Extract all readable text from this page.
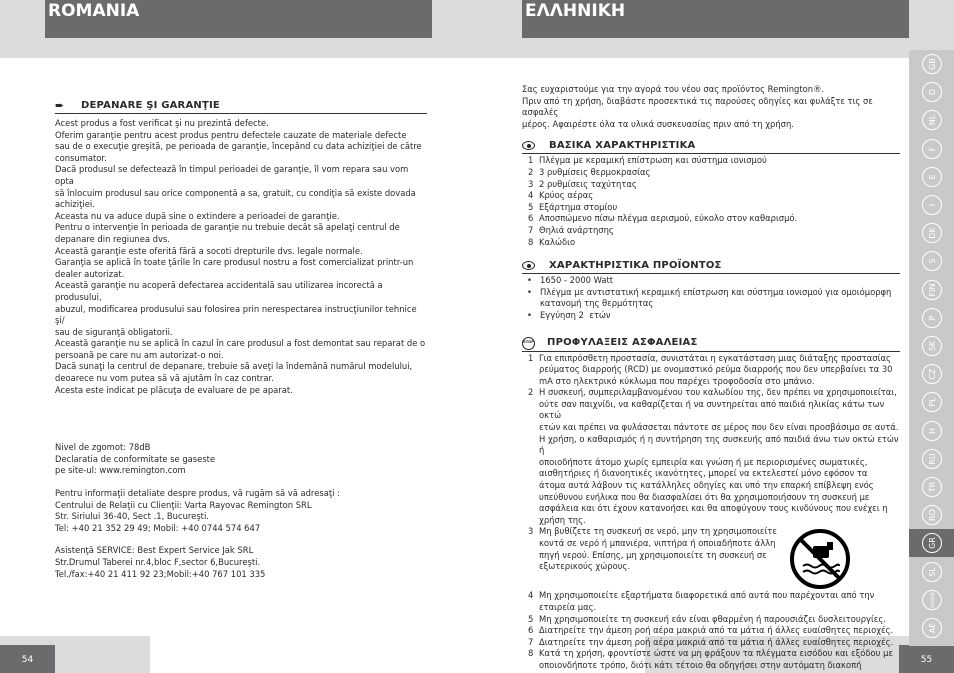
ROMANIA	ΕΛΛΗΝΙΚΗ
54	55
GB
D
NL
F
E
I
DK
S
FIN
P
SK
CZ
PL
H
RU
TR
RO
GR
SL
HR/SRB
AE
➨	DEPANARE ŞI GARANŢIE
Acest produs a fost verificat şi nu prezintă defecte.
Oferim garanţie pentru acest produs pentru defectele cauzate de materiale defecte
sau de o execuţie greşită, pe perioada de garanţie, începând cu data achiziţiei de către
consumator.
Dacă produsul se defectează în timpul perioadei de garanţie, îl vom repara sau vom opta
să înlocuim produsul sau orice componentă a sa, gratuit, cu condiţia să existe dovada
achiziţiei.
Aceasta nu va aduce după sine o extindere a perioadei de garanţie.
Pentru o intervenţie în perioada de garanţie nu trebuie decât să apelaţi centrul de
depanare din regiunea dvs.
Această garanţie este oferită fără a socoti drepturile dvs. legale normale.
Garanţia se aplică în toate ţările în care produsul nostru a fost comercializat printr-un
dealer autorizat.
Această garanţie nu acoperă defectarea accidentală sau utilizarea incorectă a produsului,
abuzul, modificarea produsului sau folosirea prin nerespectarea instrucţiunilor tehnice şi/
sau de siguranţă obligatorii.
Această garanţie nu se aplică în cazul în care produsul a fost demontat sau reparat de o
persoană pe care nu am autorizat-o noi.
Dacă sunaţi la centrul de depanare, trebuie să aveţi la îndemână numărul modelului,
deoarece nu vom putea să vă ajutăm în caz contrar.
Acesta este indicat pe plăcuţa de evaluare de pe aparat.
Nivel de zgomot: 78dB
Declaratia de conformitate se gaseste
pe site-ul: www.remington.com
Pentru informaţii detaliate despre produs, vă rugăm să vă adresaţi :
Centrului de Relaţii cu Clienţii: Varta Rayovac Remington SRL
Str. Siriului 36-40, Sect .1, Bucureşti.
Tel: +40 21 352 29 49; Mobil: +40 0744 574 647
Asistenţă SERVICE: Best Expert Service Jak SRL
Str.Drumul Taberei nr.4,bloc F,sector 6,Bucureşti.
Tel./fax:+40 21 411 92 23;Mobil:+40 767 101 335
Σας ευχαριστούμε για την αγορά του νέου σας προϊόντος Remington®.
Πριν από τη χρήση, διαβάστε προσεκτικά τις παρούσες οδηγίες και φυλάξτε τις σε ασφαλές
μέρος. Αφαιρέστε όλα τα υλικά συσκευασίας πριν από τη χρήση.
ΒΑΣΙΚΑ ΧΑΡΑΚΤΗΡΙΣΤΙΚΑ
1 Πλέγμα με κεραμική επίστρωση και σύστημα ιονισμού
2 3 ρυθμίσεις θερμοκρασίας
3 2 ρυθμίσεις ταχύτητας
4 Κρύος αέρας
5 Εξάρτημα στομίου
6 Αποσπώμενο πίσω πλέγμα αερισμού, εύκολο στον καθαρισμό.
7 Θηλιά ανάρτησης
8 Καλώδιο
ΧΑΡΑΚΤΗΡΙΣΤΙΚΑ ΠΡΟΪΟΝΤΟΣ
• 1650 - 2000 Watt
• Πλέγμα με αντιστατική κεραμική επίστρωση και σύστημα ιονισμού για ομοιόμορφη
κατανομή της θερμότητας
• Εγγύηση 2  ετών
STOP ΠΡΟΦΥΛΑΞΕΙΣ ΑΣΦΑΛΕΙΑΣ
1 Για επιπρόσθετη προστασία, συνιστάται η εγκατάσταση μιας διάταξης προστασίας
ρεύματος διαρροής (RCD) με ονομαστικό ρεύμα διαρροής που δεν υπερβαίνει τα 30
mA στο ηλεκτρικό κύκλωμα που παρέχει τροφοδοσία στο μπάνιο.
2 Η συσκευή, συμπεριλαμβανομένου του καλωδίου της, δεν πρέπει να χρησιμοποιείται,
ούτε σαν παιχνίδι, να καθαρίζεται ή να συντηρείται από παιδιά ηλικίας κάτω των οκτώ
ετών και πρέπει να φυλάσσεται πάντοτε σε μέρος που δεν είναι προσβάσιμο σε αυτά.
Η χρήση, ο καθαρισμός ή η συντήρηση της συσκευής από παιδιά άνω των οκτώ ετών ή
οποιοδήποτε άτομο χωρίς εμπειρία και γνώση ή με περιορισμένες σωματικές,
αισθητήριες ή διανοητικές ικανότητες, μπορεί να εκτελεστεί μόνο εφόσον τα
άτομα αυτά λάβουν τις κατάλληλες οδηγίες και υπό την επαρκή επίβλεψη ενός
υπεύθυνου ενήλικα που θα διασφαλίσει ότι θα χρησιμοποιήσουν τη συσκευή με
ασφάλεια και ότι έχουν κατανοήσει και θα αποφύγουν τους κινδύνους που ενέχει η
χρήση της.
3 Μη βυθίζετε τη συσκευή σε νερό, μην τη χρησιμοποιείτε
κοντά σε νερό ή μπανιέρα, νιπτήρα ή οποιαδήποτε άλλη
πηγή νερού. Επίσης, μη χρησιμοποιείτε τη συσκευή σε
εξωτερικούς χώρους.
4 Μη χρησιμοποιείτε εξαρτήματα διαφορετικά από αυτά που παρέχονται από την
εταιρεία μας.
5 Μη χρησιμοποιείτε τη συσκευή εάν είναι φθαρμένη ή παρουσιάζει δυσλειτουργίες.
6 Διατηρείτε την άμεση ροή αέρα μακριά από τα μάτια ή άλλες ευαίσθητες περιοχές.
7 Διατηρείτε την άμεση ροή αέρα μακριά από τα μάτια ή άλλες ευαίσθητες περιοχές.
8 Κατά τη χρήση, φροντίστε ώστε να μη φράξουν τα πλέγματα εισόδου και εξόδου με
οποιονδήποτε τρόπο, διότι κάτι τέτοιο θα οδηγήσει στην αυτόματη διακοπή
